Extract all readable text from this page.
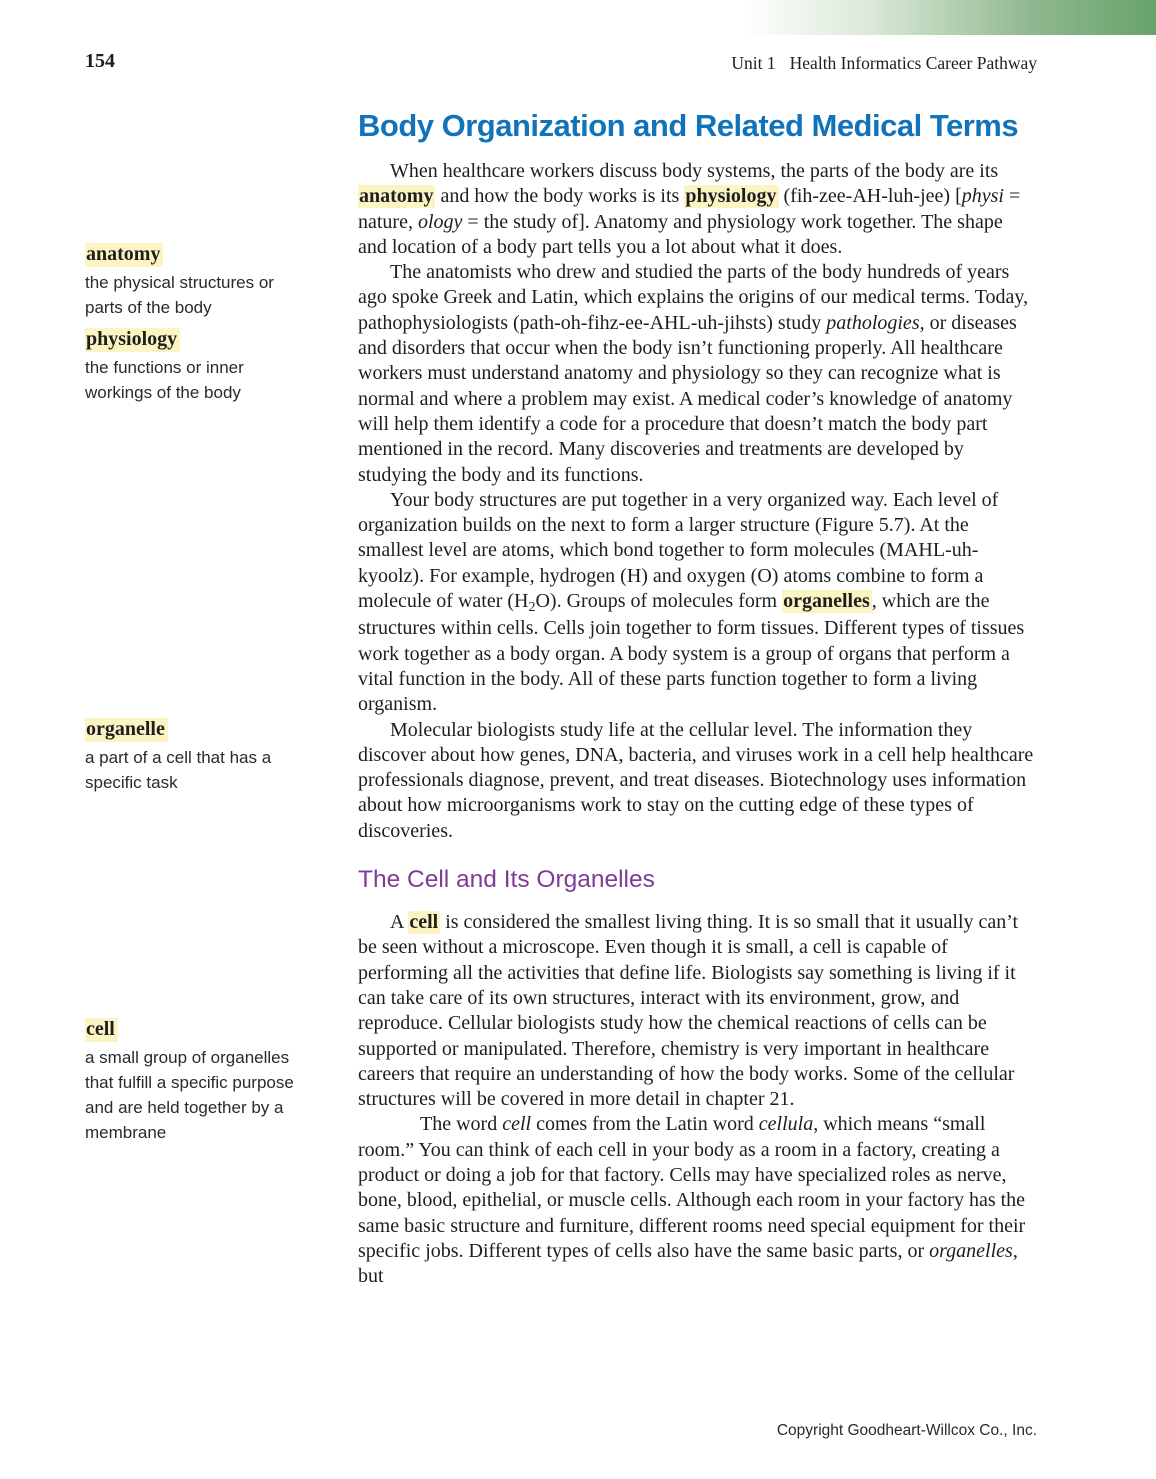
154	Unit 1 Health Informatics Career Pathway
anatomy
the physical structures or parts of the body
physiology
the functions or inner workings of the body
organelle
a part of a cell that has a specific task
cell
a small group of organelles that fulfill a specific purpose and are held together by a membrane
Body Organization and Related Medical Terms

When healthcare workers discuss body systems, the parts of the body are its anatomy and how the body works is its physiology (fih-zee-AH-luh-jee) [physi = nature, ology = the study of]. Anatomy and physiology work together. The shape and location of a body part tells you a lot about what it does.

The anatomists who drew and studied the parts of the body hundreds of years ago spoke Greek and Latin, which explains the origins of our medical terms. Today, pathophysiologists (path-oh-fihz-ee-AHL-uh-jihsts) study pathologies, or diseases and disorders that occur when the body isn’t functioning properly. All healthcare workers must understand anatomy and physiology so they can recognize what is normal and where a problem may exist. A medical coder’s knowledge of anatomy will help them identify a code for a procedure that doesn’t match the body part mentioned in the record. Many discoveries and treatments are developed by studying the body and its functions.

Your body structures are put together in a very organized way. Each level of organization builds on the next to form a larger structure (Figure 5.7). At the smallest level are atoms, which bond together to form molecules (MAHL-uh-kyoolz). For example, hydrogen (H) and oxygen (O) atoms combine to form a molecule of water (H2O). Groups of molecules form organelles , which are the structures within cells. Cells join together to form tissues. Different types of tissues work together as a body organ. A body system is a group of organs that perform a vital function in the body. All of these parts function together to form a living organism.

Molecular biologists study life at the cellular level. The information they discover about how genes, DNA, bacteria, and viruses work in a cell help healthcare professionals diagnose, prevent, and treat diseases. Biotechnology uses information about how microorganisms work to stay on the cutting edge of these types of discoveries.

The Cell and Its Organelles

A cell is considered the smallest living thing. It is so small that it usually can’t be seen without a microscope. Even though it is small, a cell is capable of performing all the activities that define life. Biologists say something is living if it can take care of its own structures, interact with its environment, grow, and reproduce. Cellular biologists study how the chemical reactions of cells can be supported or manipulated. Therefore, chemistry is very important in healthcare careers that require an understanding of how the body works. Some of the cellular structures will be covered in more detail in chapter 21.

The word cell comes from the Latin word cellula, which means “small room.” You can think of each cell in your body as a room in a factory, creating a product or doing a job for that factory. Cells may have specialized roles as nerve, bone, blood, epithelial, or muscle cells. Although each room in your factory has the same basic structure and furniture, different rooms need special equipment for their specific jobs. Different types of cells also have the same basic parts, or organelles, but

Copyright Goodheart-Willcox Co., Inc.
